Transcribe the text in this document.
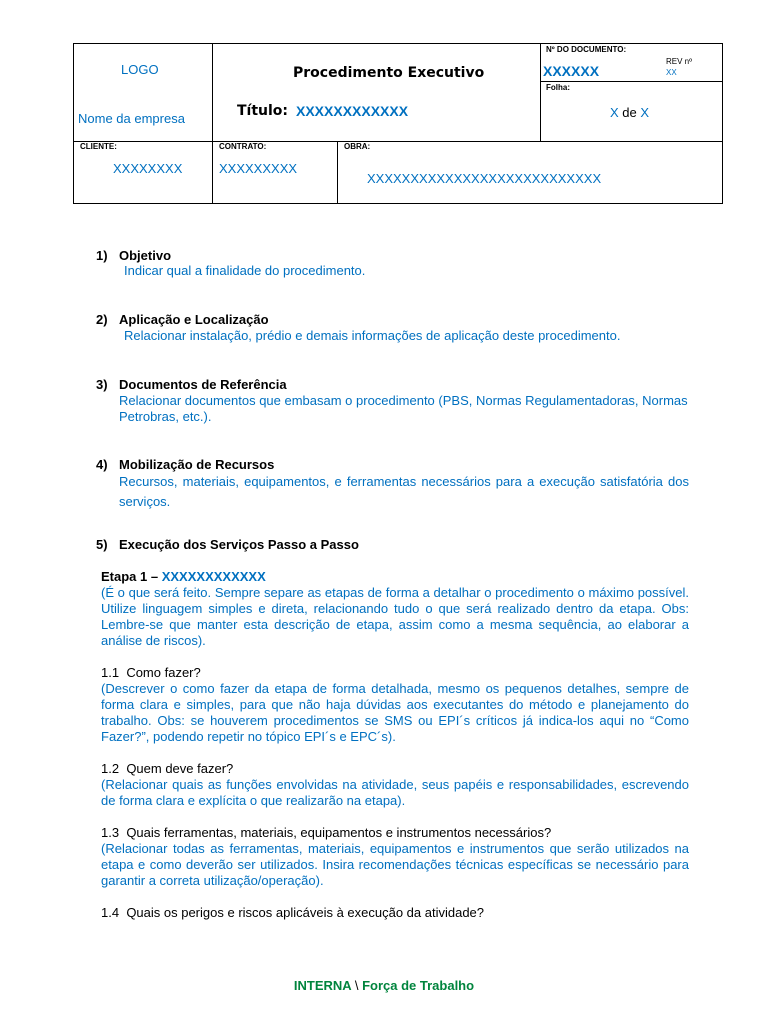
LOGO
Nome da empresa
Procedimento Executivo
Título: XXXXXXXXXXXX
Nº DO DOCUMENTO:
XXXXXX
REV nº
XX
Folha:
X de X
CLIENTE:
XXXXXXXX
CONTRATO:
XXXXXXXXX
OBRA:
XXXXXXXXXXXXXXXXXXXXXXXXXXX
1) Objetivo
Indicar qual a finalidade do procedimento.
2) Aplicação e Localização
Relacionar instalação, prédio e demais informações de aplicação deste procedimento.
3) Documentos de Referência
Relacionar documentos que embasam o procedimento (PBS, Normas Regulamentadoras, Normas Petrobras, etc.).
4) Mobilização de Recursos
Recursos, materiais, equipamentos, e ferramentas necessários para a execução satisfatória dos serviços.
5) Execução dos Serviços Passo a Passo
Etapa 1 – XXXXXXXXXXXX
(É o que será feito. Sempre separe as etapas de forma a detalhar o procedimento o máximo possível. Utilize linguagem simples e direta, relacionando tudo o que será realizado dentro da etapa. Obs: Lembre-se que manter esta descrição de etapa, assim como a mesma sequência, ao elaborar a análise de riscos).
1.1 Como fazer?
(Descrever o como fazer da etapa de forma detalhada, mesmo os pequenos detalhes, sempre de forma clara e simples, para que não haja dúvidas aos executantes do método e planejamento do trabalho. Obs: se houverem procedimentos se SMS ou EPI´s críticos já indica-los aqui no “Como Fazer?”, podendo repetir no tópico EPI´s e EPC´s).
1.2 Quem deve fazer?
(Relacionar quais as funções envolvidas na atividade, seus papéis e responsabilidades, escrevendo de forma clara e explícita o que realizarão na etapa).
1.3 Quais ferramentas, materiais, equipamentos e instrumentos necessários?
(Relacionar todas as ferramentas, materiais, equipamentos e instrumentos que serão utilizados na etapa e como deverão ser utilizados. Insira recomendações técnicas específicas se necessário para garantir a correta utilização/operação).
1.4 Quais os perigos e riscos aplicáveis à execução da atividade?
INTERNA \ Força de Trabalho
